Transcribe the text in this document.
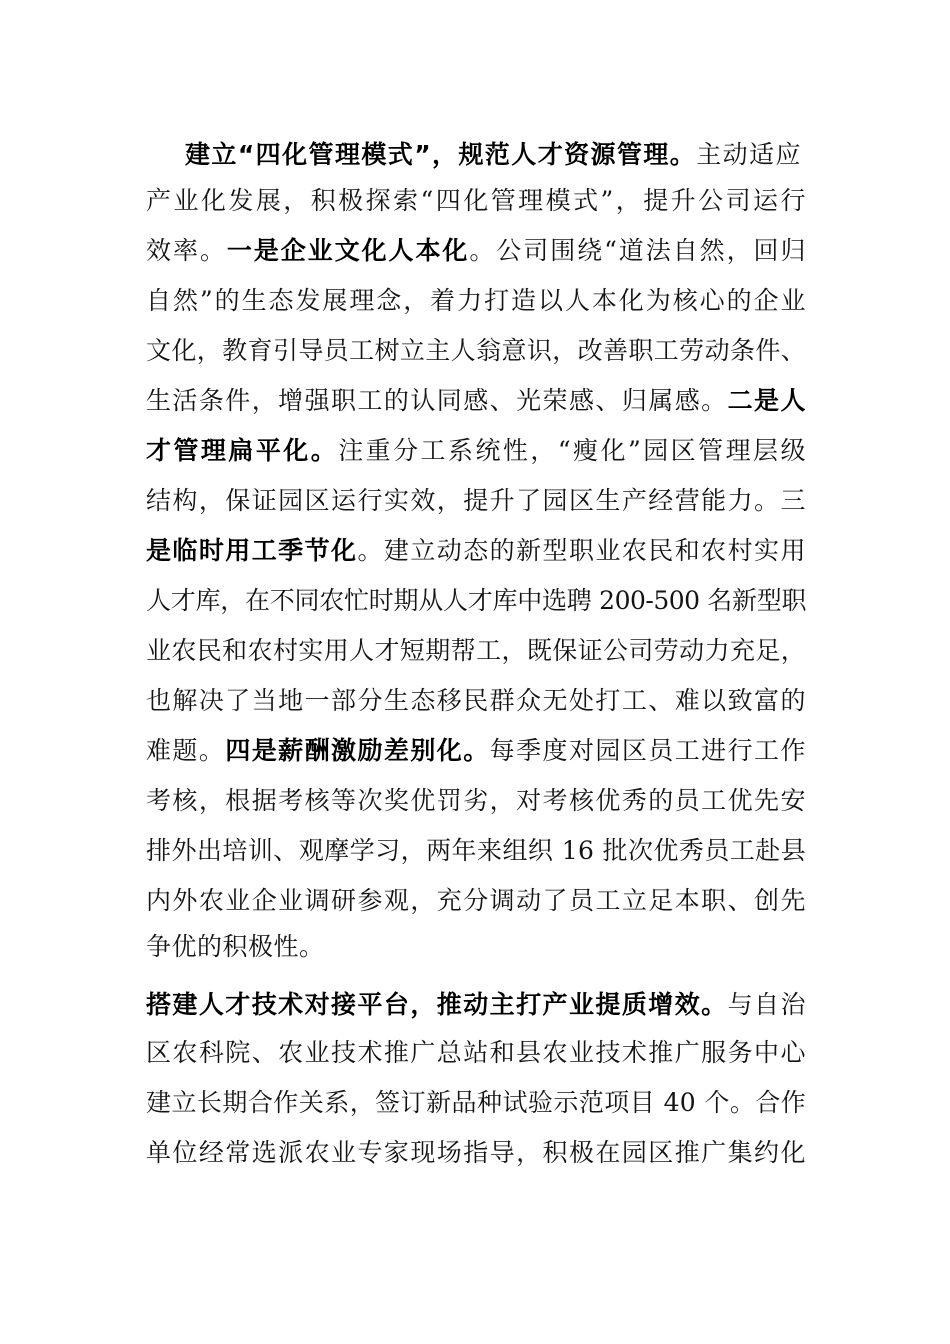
建立“四化管理模式”，规范人才资源管理。主动适应
产业化发展，积极探索“四化管理模式”，提升公司运行
效率。一是企业文化人本化。公司围绕“道法自然，回归
自然”的生态发展理念，着力打造以人本化为核心的企业
文化，教育引导员工树立主人翁意识，改善职工劳动条件、
生活条件，增强职工的认同感、光荣感、归属感。二是人
才管理扁平化。注重分工系统性，“瘦化”园区管理层级
结构，保证园区运行实效，提升了园区生产经营能力。三
是临时用工季节化。建立动态的新型职业农民和农村实用
人才库，在不同农忙时期从人才库中选聘 200-500 名新型职
业农民和农村实用人才短期帮工，既保证公司劳动力充足，
也解决了当地一部分生态移民群众无处打工、难以致富的
难题。四是薪酬激励差别化。每季度对园区员工进行工作
考核，根据考核等次奖优罚劣，对考核优秀的员工优先安
排外出培训、观摩学习，两年来组织 16 批次优秀员工赴县
内外农业企业调研参观，充分调动了员工立足本职、创先
争优的积极性。
搭建人才技术对接平台，推动主打产业提质增效。与自治
区农科院、农业技术推广总站和县农业技术推广服务中心
建立长期合作关系，签订新品种试验示范项目 40 个。合作
单位经常选派农业专家现场指导，积极在园区推广集约化
